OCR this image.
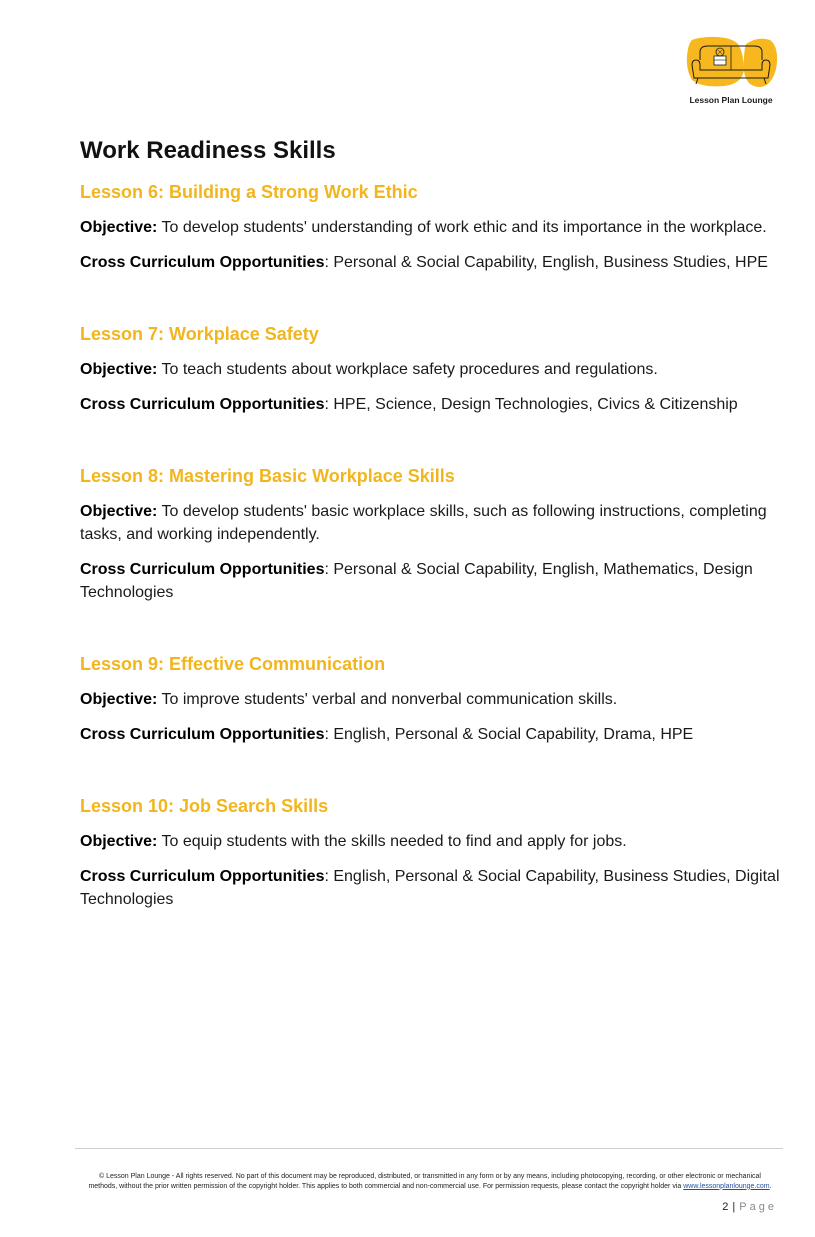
Lesson Plan Lounge
Work Readiness Skills
Lesson 6: Building a Strong Work Ethic

Objective: To develop students' understanding of work ethic and its importance in the workplace.

Cross Curriculum Opportunities: Personal & Social Capability, English, Business Studies, HPE

Lesson 7: Workplace Safety

Objective: To teach students about workplace safety procedures and regulations.

Cross Curriculum Opportunities: HPE, Science, Design Technologies, Civics & Citizenship

Lesson 8: Mastering Basic Workplace Skills

Objective: To develop students' basic workplace skills, such as following instructions, completing tasks, and working independently.

Cross Curriculum Opportunities: Personal & Social Capability, English, Mathematics, Design Technologies

Lesson 9: Effective Communication

Objective: To improve students' verbal and nonverbal communication skills.

Cross Curriculum Opportunities: English, Personal & Social Capability, Drama, HPE

Lesson 10: Job Search Skills

Objective: To equip students with the skills needed to find and apply for jobs.

Cross Curriculum Opportunities: English, Personal & Social Capability, Business Studies, Digital Technologies

© Lesson Plan Lounge - All rights reserved. No part of this document may be reproduced, distributed, or transmitted in any form or by any means, including photocopying, recording, or other electronic or mechanical methods, without the prior written permission of the copyright holder. This applies to both commercial and non-commercial use. For permission requests, please contact the copyright holder via www.lessonplanlounge.com.
2 | Page
